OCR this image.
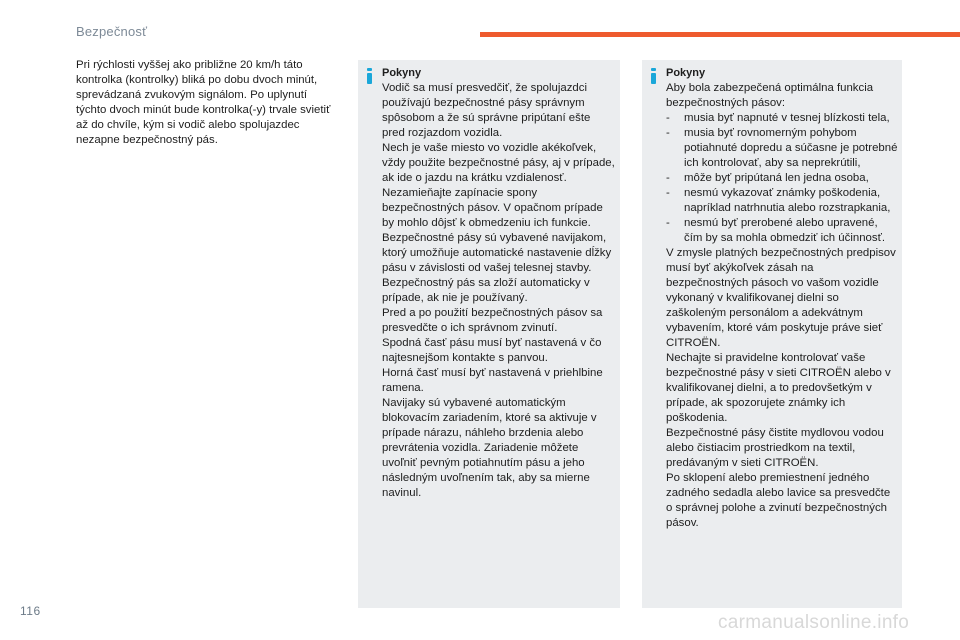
Bezpečnosť
Pri rýchlosti vyššej ako približne 20 km/h táto kontrolka (kontrolky) bliká po dobu dvoch minút, sprevádzaná zvukovým signálom. Po uplynutí týchto dvoch minút bude kontrolka(-y) trvale svietiť až do chvíle, kým si vodič alebo spolujazdec nezapne bezpečnostný pás.
Pokyny

Vodič sa musí presvedčiť, že spolujazdci používajú bezpečnostné pásy správnym spôsobom a že sú správne pripútaní ešte pred rozjazdom vozidla.

Nech je vaše miesto vo vozidle akékoľvek, vždy použite bezpečnostné pásy, aj v prípade, ak ide o jazdu na krátku vzdialenosť.

Nezamieňajte zapínacie spony bezpečnostných pásov. V opačnom prípade by mohlo dôjsť k obmedzeniu ich funkcie.

Bezpečnostné pásy sú vybavené navijakom, ktorý umožňuje automatické nastavenie dĺžky pásu v závislosti od vašej telesnej stavby. Bezpečnostný pás sa zloží automaticky v prípade, ak nie je používaný.

Pred a po použití bezpečnostných pásov sa presvedčte o ich správnom zvinutí.

Spodná časť pásu musí byť nastavená v čo najtesnejšom kontakte s panvou.

Horná časť musí byť nastavená v priehlbine ramena.

Navijaky sú vybavené automatickým blokovacím zariadením, ktoré sa aktivuje v prípade nárazu, náhleho brzdenia alebo prevrátenia vozidla. Zariadenie môžete uvoľniť pevným potiahnutím pásu a jeho následným uvoľnením tak, aby sa mierne navinul.

Pokyny

Aby bola zabezpečená optimálna funkcia bezpečnostných pásov:

- musia byť napnuté v tesnej blízkosti tela,

- musia byť rovnomerným pohybom potiahnuté dopredu a súčasne je potrebné ich kontrolovať, aby sa neprekrútili,

- môže byť pripútaná len jedna osoba,

- nesmú vykazovať známky poškodenia, napríklad natrhnutia alebo rozstrapkania,

- nesmú byť prerobené alebo upravené, čím by sa mohla obmedziť ich účinnosť.

V zmysle platných bezpečnostných predpisov musí byť akýkoľvek zásah na bezpečnostných pásoch vo vašom vozidle vykonaný v kvalifikovanej dielni so zaškoleným personálom a adekvátnym vybavením, ktoré vám poskytuje práve sieť CITROËN.

Nechajte si pravidelne kontrolovať vaše bezpečnostné pásy v sieti CITROËN alebo v kvalifikovanej dielni, a to predovšetkým v prípade, ak spozorujete známky ich poškodenia.

Bezpečnostné pásy čistite mydlovou vodou alebo čistiacim prostriedkom na textil, predávaným v sieti CITROËN.

Po sklopení alebo premiestnení jedného zadného sedadla alebo lavice sa presvedčte o správnej polohe a zvinutí bezpečnostných pásov.

116
carmanualsonline.info
